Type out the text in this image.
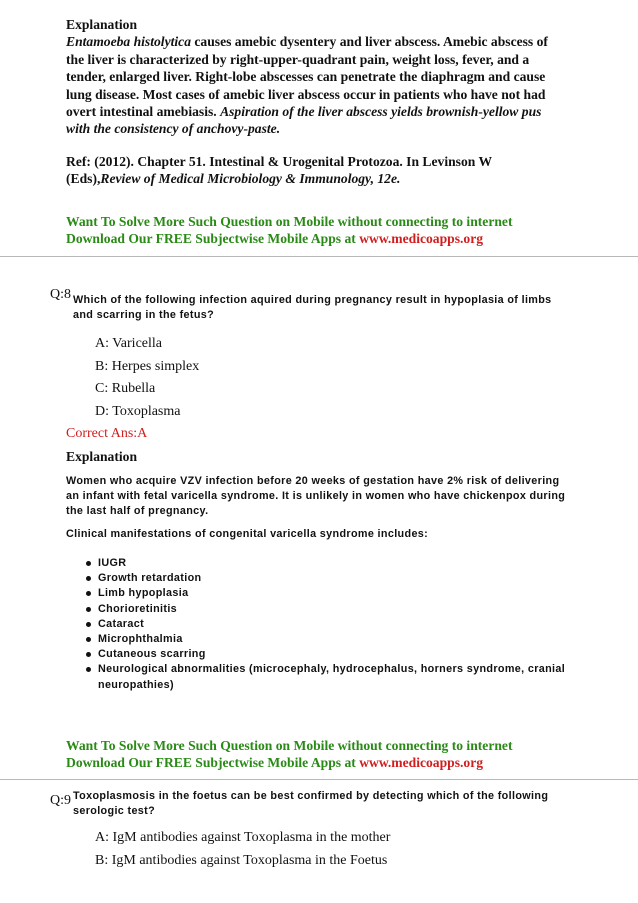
Explanation
Entamoeba histolytica causes amebic dysentery and liver abscess. Amebic abscess of the liver is characterized by right-upper-quadrant pain, weight loss, fever, and a tender, enlarged liver. Right-lobe abscesses can penetrate the diaphragm and cause lung disease. Most cases of amebic liver abscess occur in patients who have not had overt intestinal amebiasis. Aspiration of the liver abscess yields brownish-yellow pus with the consistency of anchovy-paste.
Ref: (2012). Chapter 51. Intestinal & Urogenital Protozoa. In Levinson W (Eds),Review of Medical Microbiology & Immunology, 12e.
Want To Solve More Such Question on Mobile without connecting to internet
Download Our FREE Subjectwise Mobile Apps at www.medicoapps.org
Q:8 Which of the following infection aquired during pregnancy result in hypoplasia of limbs and scarring in the fetus?
A: Varicella
B: Herpes simplex
C: Rubella
D: Toxoplasma
Correct Ans:A
Explanation
Women who acquire VZV infection before 20 weeks of gestation have 2% risk of delivering an infant with fetal varicella syndrome. It is unlikely in women who have chickenpox during the last half of pregnancy.
Clinical manifestations of congenital varicella syndrome includes:
IUGR
Growth retardation
Limb hypoplasia
Chorioretinitis
Cataract
Microphthalmia
Cutaneous scarring
Neurological abnormalities (microcephaly, hydrocephalus, horners syndrome, cranial neuropathies)
Want To Solve More Such Question on Mobile without connecting to internet
Download Our FREE Subjectwise Mobile Apps at www.medicoapps.org
Q:9 Toxoplasmosis in the foetus can be best confirmed by detecting which of the following serologic test?
A: IgM antibodies against Toxoplasma in the mother
B: IgM antibodies against Toxoplasma in the Foetus
